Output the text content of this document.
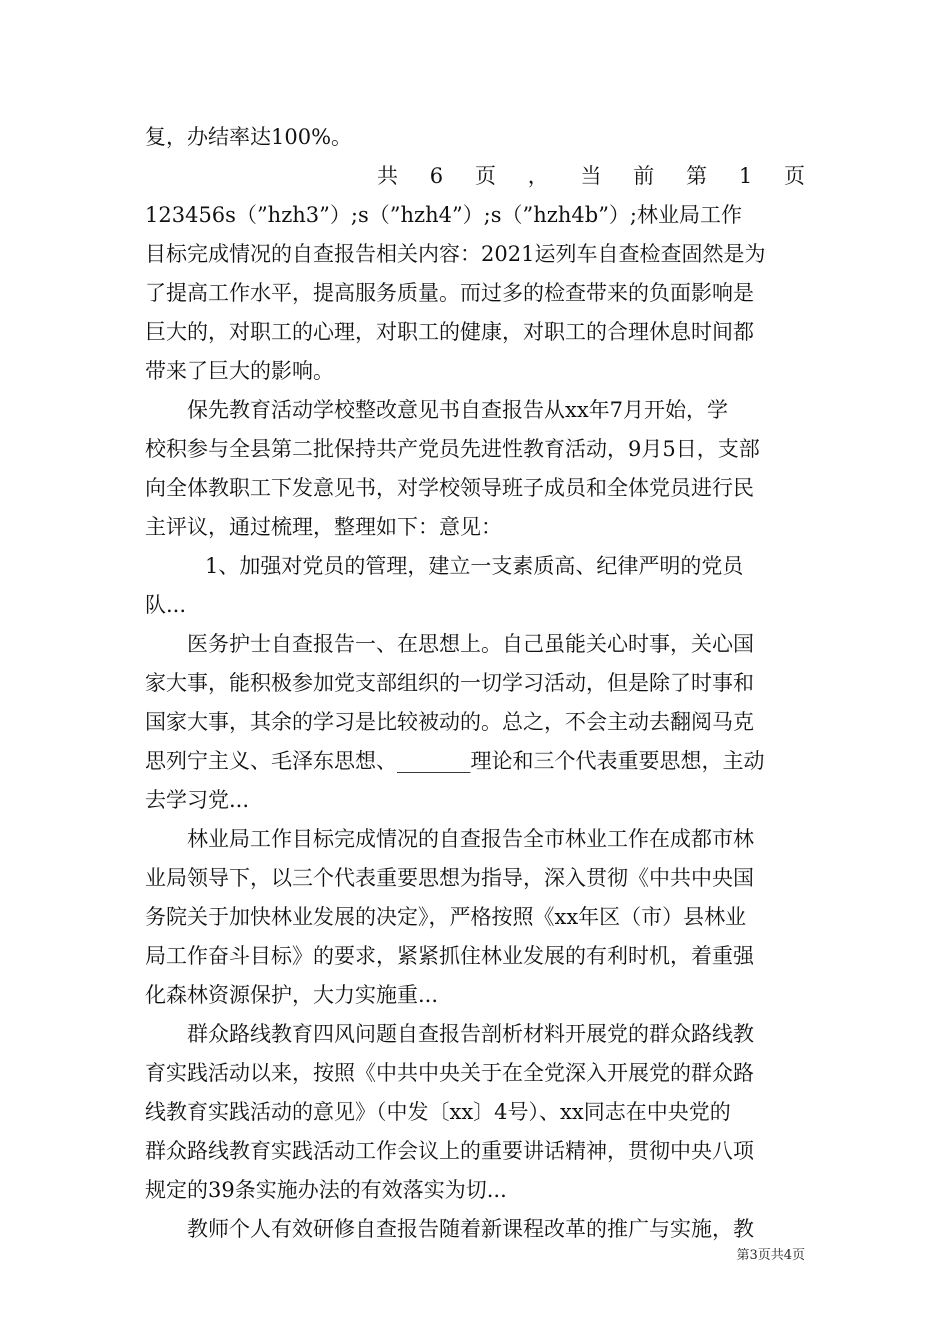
复，办结率达100%。
共 6 页 ， 当 前 第 1 页
123456s（”hzh3”）;s（”hzh4”）;s（”hzh4b”）;林业局工作
目标完成情况的自查报告相关内容：2021运列车自查检查固然是为
了提高工作水平，提高服务质量。而过多的检查带来的负面影响是
巨大的，对职工的心理，对职工的健康，对职工的合理休息时间都
带来了巨大的影响。
保先教育活动学校整改意见书自查报告从xx年7月开始，学
校积参与全县第二批保持共产党员先进性教育活动，9月5日，支部
向全体教职工下发意见书，对学校领导班子成员和全体党员进行民
主评议，通过梳理，整理如下：意见：
1、加强对党员的管理，建立一支素质高、纪律严明的党员
队...
医务护士自查报告一、在思想上。自己虽能关心时事，关心国
家大事，能积极参加党支部组织的一切学习活动，但是除了时事和
国家大事，其余的学习是比较被动的。总之，不会主动去翻阅马克
思列宁主义、毛泽东思想、_______理论和三个代表重要思想，主动
去学习党...
林业局工作目标完成情况的自查报告全市林业工作在成都市林
业局领导下，以三个代表重要思想为指导，深入贯彻《中共中央国
务院关于加快林业发展的决定》，严格按照《xx年区（市）县林业
局工作奋斗目标》的要求，紧紧抓住林业发展的有利时机，着重强
化森林资源保护，大力实施重...
群众路线教育四风问题自查报告剖析材料开展党的群众路线教
育实践活动以来，按照《中共中央关于在全党深入开展党的群众路
线教育实践活动的意见》（中发〔xx〕4号）、xx同志在中央党的
群众路线教育实践活动工作会议上的重要讲话精神，贯彻中央八项
规定的39条实施办法的有效落实为切...
教师个人有效研修自查报告随着新课程改革的推广与实施，教
第3页共4页
